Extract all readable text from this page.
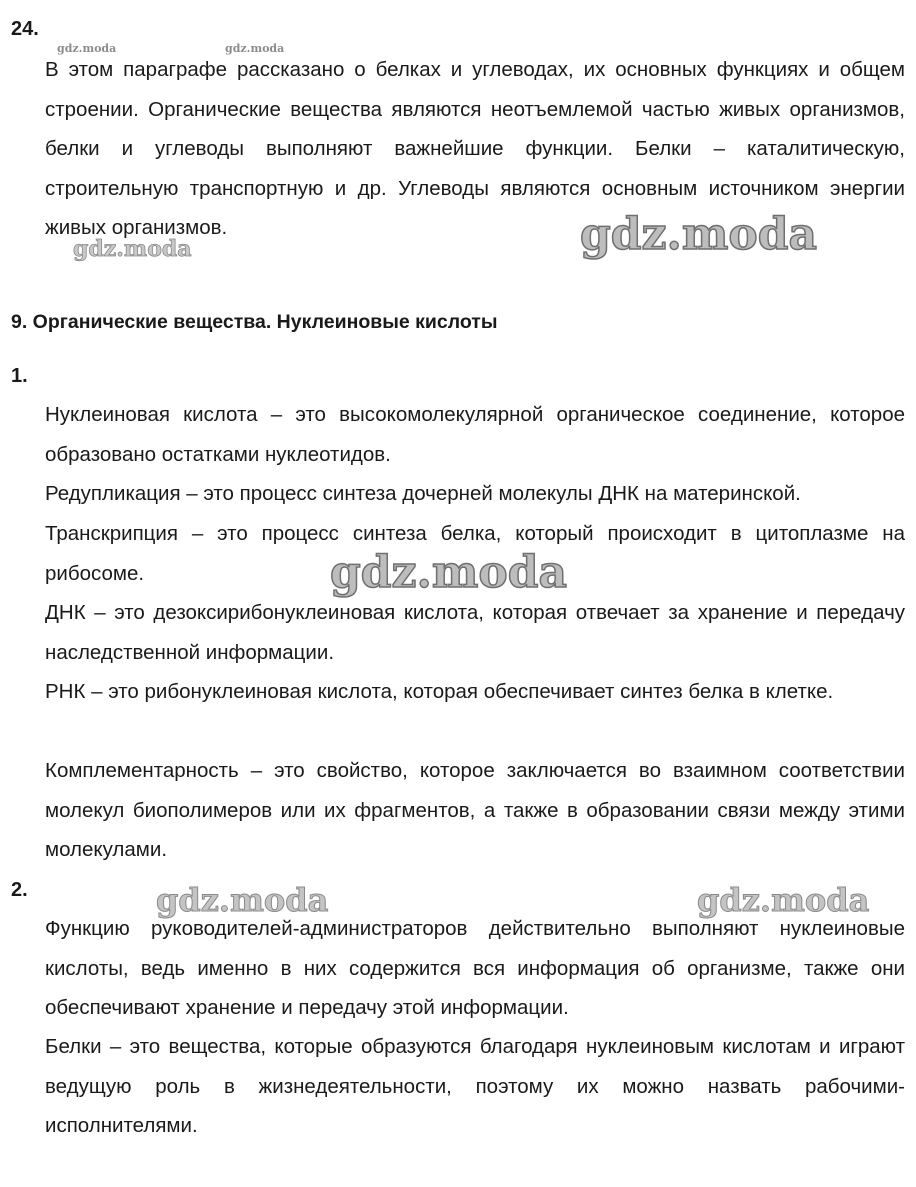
24.

В этом параграфе рассказано о белках и углеводах, их основных функциях и общем строении. Органические вещества являются неотъемлемой частью живых организмов, белки и углеводы выполняют важнейшие функции. Белки – каталитическую, строительную транспортную и др. Углеводы являются основным источником энергии живых организмов.

9. Органические вещества. Нуклеиновые кислоты

1.

Нуклеиновая кислота – это высокомолекулярной органическое соединение, которое образовано остатками нуклеотидов.

Редупликация – это процесс синтеза дочерней молекулы ДНК на материнской.

Транскрипция – это процесс синтеза белка, который происходит в цитоплазме на рибосоме.

ДНК – это дезоксирибонуклеиновая кислота, которая отвечает за хранение и передачу наследственной информации.

РНК – это рибонуклеиновая кислота, которая обеспечивает синтез белка в клетке.

Комплементарность – это свойство, которое заключается во взаимном соответствии молекул биополимеров или их фрагментов, а также в образовании связи между этими молекулами.

2.

Функцию руководителей-администраторов действительно выполняют нуклеиновые кислоты, ведь именно в них содержится вся информация об организме, также они обеспечивают хранение и передачу этой информации.

Белки – это вещества, которые образуются благодаря нуклеиновым кислотам и играют ведущую роль в жизнедеятельности, поэтому их можно назвать рабочими-исполнителями.

gdz.moda	gdz.moda
gdz.moda	gdz.moda
gdz.moda
gdz.moda	gdz.moda
